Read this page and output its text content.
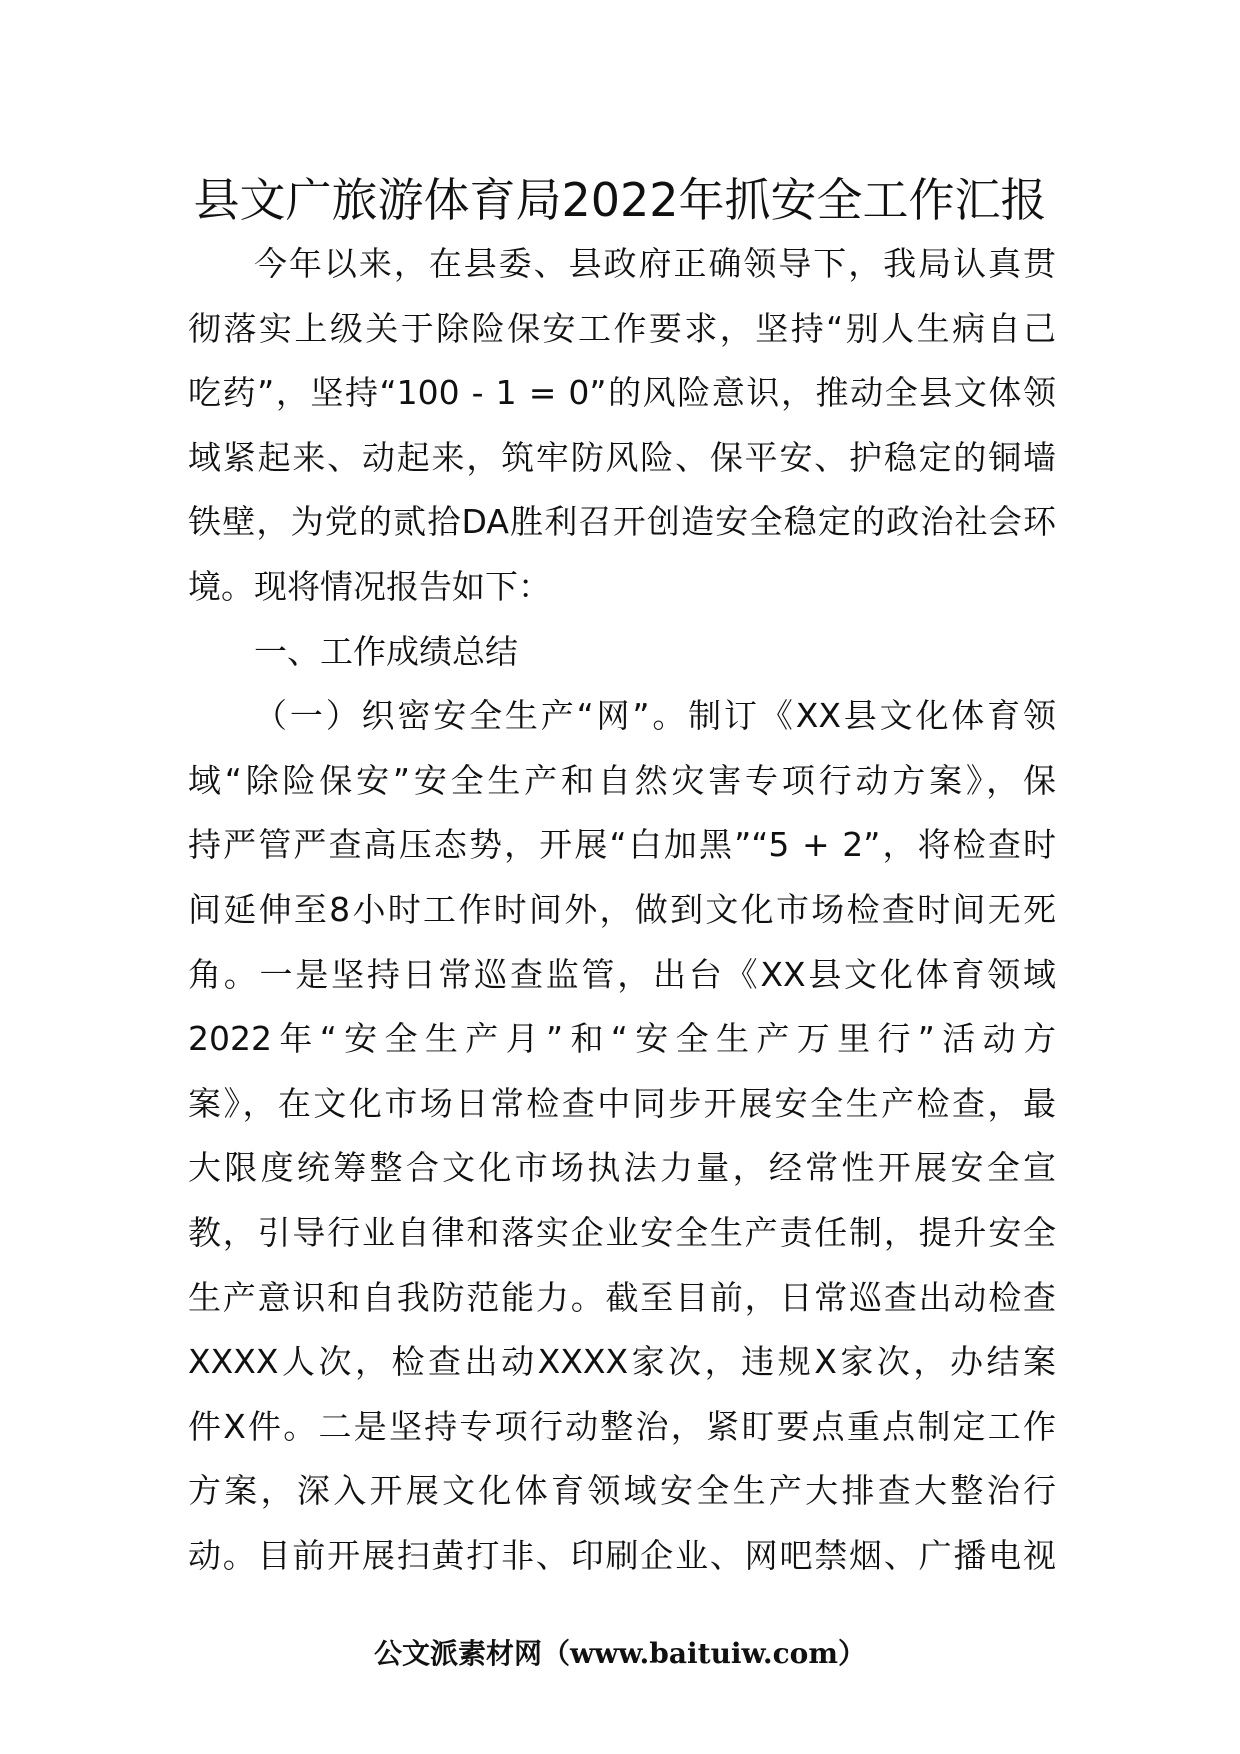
县文广旅游体育局2022年抓安全工作汇报
今年以来，在县委、县政府正确领导下，我局认真贯
彻落实上级关于除险保安工作要求，坚持“别人生病自己
吃药”，坚持“100 - 1 = 0”的风险意识，推动全县文体领
域紧起来、动起来，筑牢防风险、保平安、护稳定的铜墙
铁壁，为党的贰拾DA胜利召开创造安全稳定的政治社会环
境。现将情况报告如下：
一、工作成绩总结
（一）织密安全生产“网”。制订《XX县文化体育领
域“除险保安”安全生产和自然灾害专项行动方案》，保
持严管严查高压态势，开展“白加黑”“5 + 2”，将检查时
间延伸至8小时工作时间外，做到文化市场检查时间无死
角。一是坚持日常巡查监管，出台《XX县文化体育领域
2022年“安全生产月”和“安全生产万里行”活动方
案》，在文化市场日常检查中同步开展安全生产检查，最
大限度统筹整合文化市场执法力量，经常性开展安全宣
教，引导行业自律和落实企业安全生产责任制，提升安全
生产意识和自我防范能力。截至目前，日常巡查出动检查
XXXX人次，检查出动XXXX家次，违规X家次，办结案
件X件。二是坚持专项行动整治，紧盯要点重点制定工作
方案，深入开展文化体育领域安全生产大排查大整治行
动。目前开展扫黄打非、印刷企业、网吧禁烟、广播电视
公文派素材网（www.baituiw.com）
